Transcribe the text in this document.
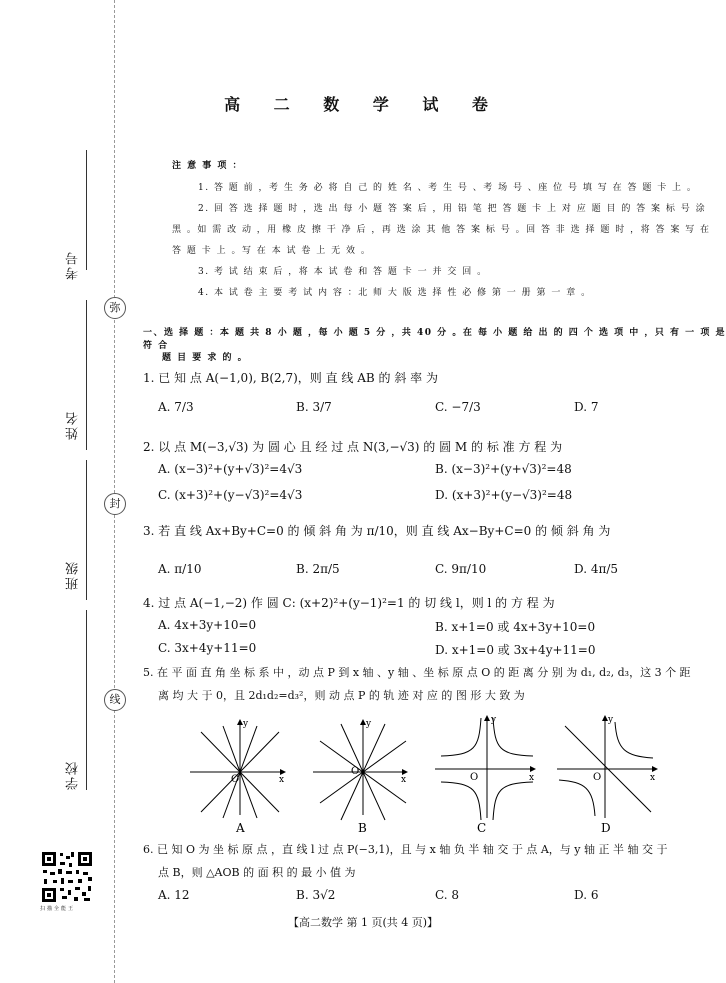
考号
姓名
班级
学校
弥
封
线
扫描全能王
高 二 数 学 试 卷
注 意 事 项 ：
1. 答 题 前 ，考 生 务 必 将 自 己 的 姓 名 、考 生 号 、考 场 号 、座 位 号 填 写 在 答 题 卡 上 。
2. 回 答 选 择 题 时 ，选 出 每 小 题 答 案 后 ，用 铅 笔 把 答 题 卡 上 对 应 题 目 的 答 案 标 号 涂
黑 。如 需 改 动 ，用 橡 皮 擦 干 净 后 ，再 选 涂 其 他 答 案 标 号 。回 答 非 选 择 题 时 ，将 答 案 写 在
答 题 卡 上 。写 在 本 试 卷 上 无 效 。
3. 考 试 结 束 后 ，将 本 试 卷 和 答 题 卡 一 并 交 回 。
4. 本 试 卷 主 要 考 试 内 容 ：北 师 大 版 选 择 性 必 修 第 一 册 第 一 章 。
一、选 择 题 ：本 题 共 8 小 题 ，每 小 题 5 分 ，共 40 分 。在 每 小 题 给 出 的 四 个 选 项 中 ，只 有 一 项 是 符 合
题 目 要 求 的 。
1. 已 知 点 A(−1,0), B(2,7)，则 直 线 AB 的 斜 率 为
A. 7/3	B. 3/7	C. −7/3	D. 7
2. 以 点 M(−3,√3) 为 圆 心 且 经 过 点 N(3,−√3) 的 圆 M 的 标 准 方 程 为
A. (x−3)²+(y+√3)²=4√3	B. (x−3)²+(y+√3)²=48
C. (x+3)²+(y−√3)²=4√3	D. (x+3)²+(y−√3)²=48
3. 若 直 线 Ax+By+C=0 的 倾 斜 角 为 π/10，则 直 线 Ax−By+C=0 的 倾 斜 角 为
A. π/10	B. 2π/5	C. 9π/10	D. 4π/5
4. 过 点 A(−1,−2) 作 圆 C: (x+2)²+(y−1)²=1 的 切 线 l，则 l 的 方 程 为
A. 4x+3y+10=0	B. x+1=0 或 4x+3y+10=0
C. 3x+4y+11=0	D. x+1=0 或 3x+4y+11=0
5. 在 平 面 直 角 坐 标 系 中 ，动 点 P 到 x 轴 、y 轴 、坐 标 原 点 O 的 距 离 分 别 为 d₁, d₂, d₃，这 3 个 距
离 均 大 于 0，且 2d₁d₂=d₃²，则 动 点 P 的 轨 迹 对 应 的 图 形 大 致 为
y
x
O
A
y
x
O
B
y
x
O
C
y
x
O
D
6. 已 知 O 为 坐 标 原 点 ，直 线 l 过 点 P(−3,1)，且 与 x 轴 负 半 轴 交 于 点 A，与 y 轴 正 半 轴 交 于
点 B，则 △AOB 的 面 积 的 最 小 值 为
A. 12	B. 3√2	C. 8	D. 6
【高二数学 第 1 页(共 4 页)】
